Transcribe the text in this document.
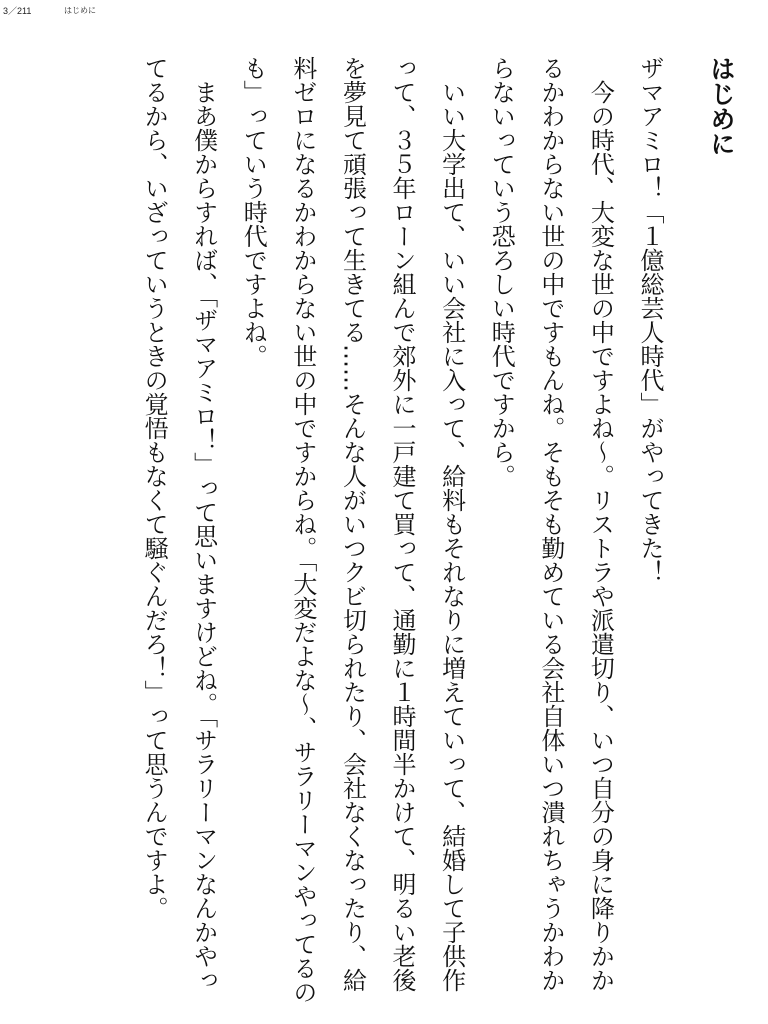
3／211	はじめに
はじめに

ザマアミロ！「１億総芸人時代」がやってきた！

今の時代、大変な世の中ですよね〜。リストラや派遣切り、いつ自分の身に降りかかるかわからない世の中ですもんね。そもそも勤めている会社自体いつ潰れちゃうかわからないっていう恐ろしい時代ですから。

いい大学出て、いい会社に入って、給料もそれなりに増えていって、結婚して子供作って、３５年ローン組んで郊外に一戸建て買って、通勤に１時間半かけて、明るい老後を夢見て頑張って生きてる……そんな人がいつクビ切られたり、会社なくなったり、給料ゼロになるかわからない世の中ですからね。「大変だよな〜、サラリーマンやってるのも」っていう時代ですよね。

まあ僕からすれば、「ザマアミロ！」って思いますけどね。「サラリーマンなんかやってるから、いざっていうときの覚悟もなくて騒ぐんだろ！」って思うんですよ。
